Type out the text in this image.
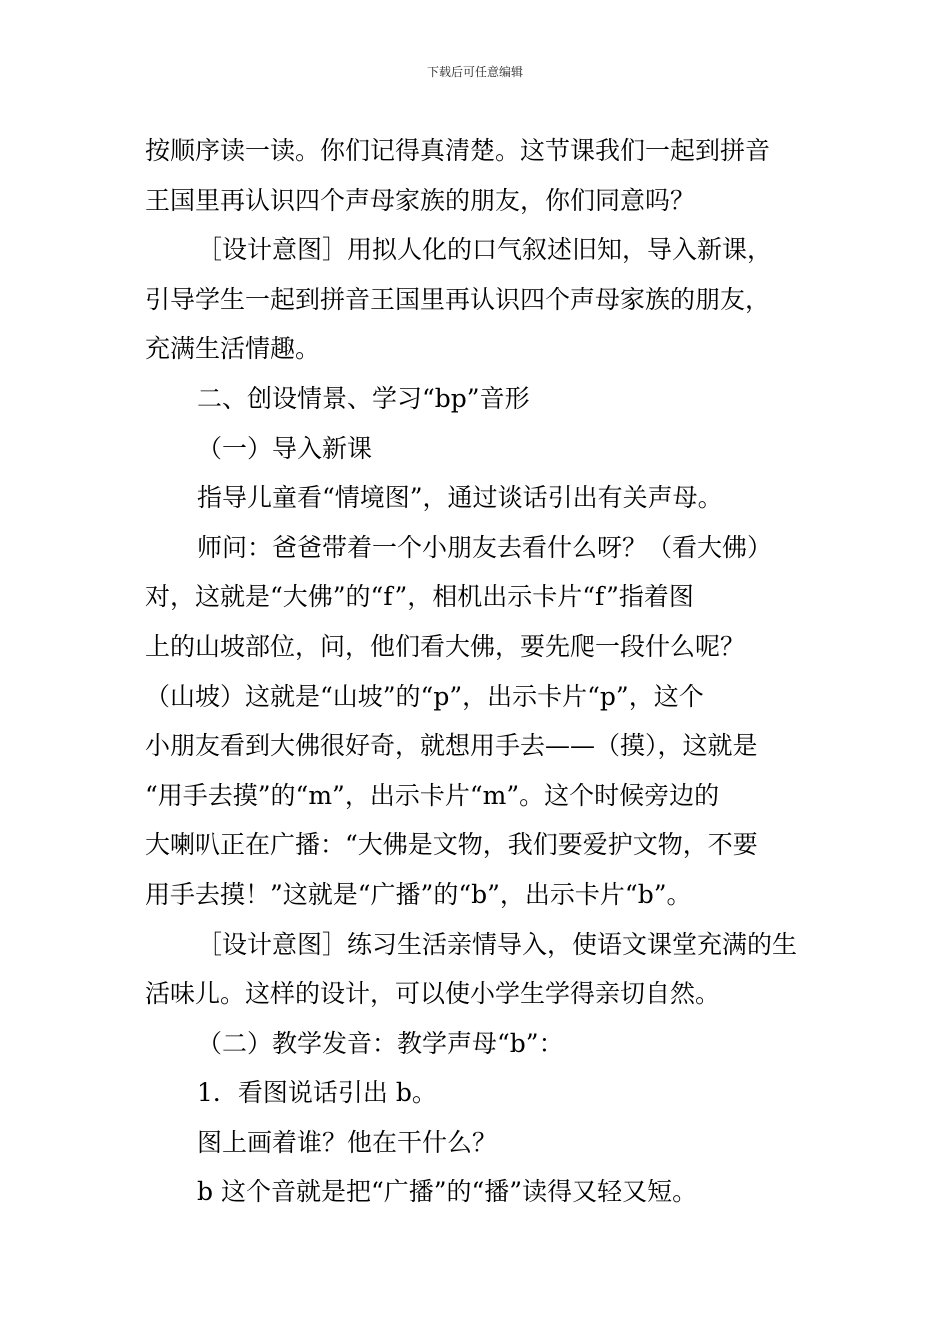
下载后可任意编辑
按顺序读一读。你们记得真清楚。这节课我们一起到拼音
王国里再认识四个声母家族的朋友，你们同意吗？
［设计意图］用拟人化的口气叙述旧知，导入新课，
引导学生一起到拼音王国里再认识四个声母家族的朋友，
充满生活情趣。
二、创设情景、学习“bp”音形
（一）导入新课
指导儿童看“情境图”，通过谈话引出有关声母。
师问：爸爸带着一个小朋友去看什么呀？（看大佛）
对，这就是“大佛”的“f”，相机出示卡片“f”指着图
上的山坡部位，问，他们看大佛，要先爬一段什么呢？
（山坡）这就是“山坡”的“p”，出示卡片“p”，这个
小朋友看到大佛很好奇，就想用手去——（摸），这就是
“用手去摸”的“m”，出示卡片“m”。这个时候旁边的
大喇叭正在广播：“大佛是文物，我们要爱护文物，不要
用手去摸！”这就是“广播”的“b”，出示卡片“b”。
［设计意图］练习生活亲情导入，使语文课堂充满的生
活味儿。这样的设计，可以使小学生学得亲切自然。
（二）教学发音：教学声母“b”：
1．看图说话引出 b。
图上画着谁？他在干什么？
b 这个音就是把“广播”的“播”读得又轻又短。
